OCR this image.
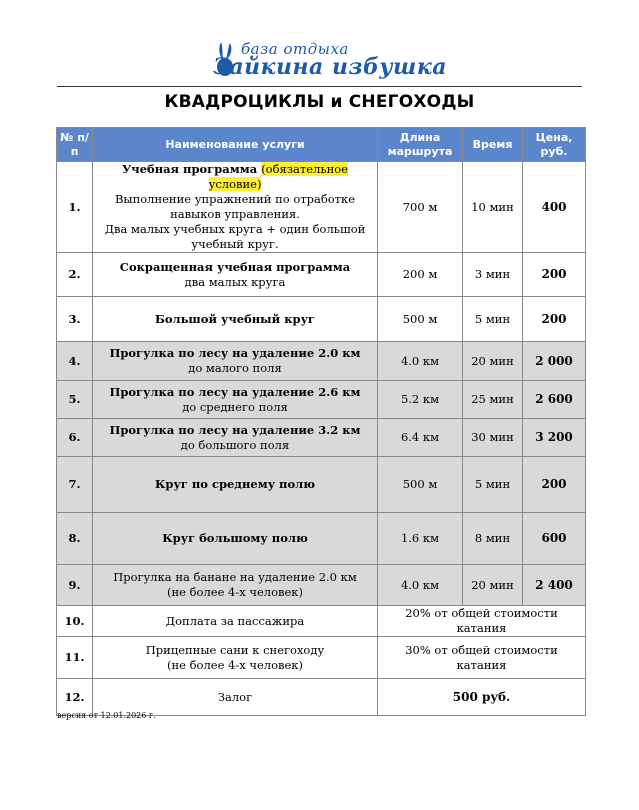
база отдыха
Зайкина избушка
КВАДРОЦИКЛЫ и СНЕГОХОДЫ
№ п/п	Наименование услуги	Длина маршрута	Время	Цена, руб.
1.	Учебная программа (обязательное условие)
Выполнение упражнений по отработке
навыков управления.
Два малых учебных круга + один большой
учебный круг.	700 м	10 мин	400
2.	Сокращенная учебная программа
два малых круга	200 м	3 мин	200
3.	Большой учебный круг	500 м	5 мин	200
4.	Прогулка по лесу на удаление 2.0 км
до малого поля	4.0 км	20 мин	2 000
5.	Прогулка по лесу на удаление 2.6 км
до среднего поля	5.2 км	25 мин	2 600
6.	Прогулка по лесу на удаление 3.2 км
до большого поля	6.4 км	30 мин	3 200
7.	Круг по среднему полю	500 м	5 мин	200
8.	Круг большому полю	1.6 км	8 мин	600
9.	Прогулка на банане на удаление 2.0 км
(не более 4-х человек)	4.0 км	20 мин	2 400
10.	Доплата за пассажира	20% от общей стоимости катания		
11.	Прицепные сани к снегоходу
(не более 4-х человек)	30% от общей стоимости катания		
12.	Залог	500 руб.		
версия от 12.01.2026 г.
